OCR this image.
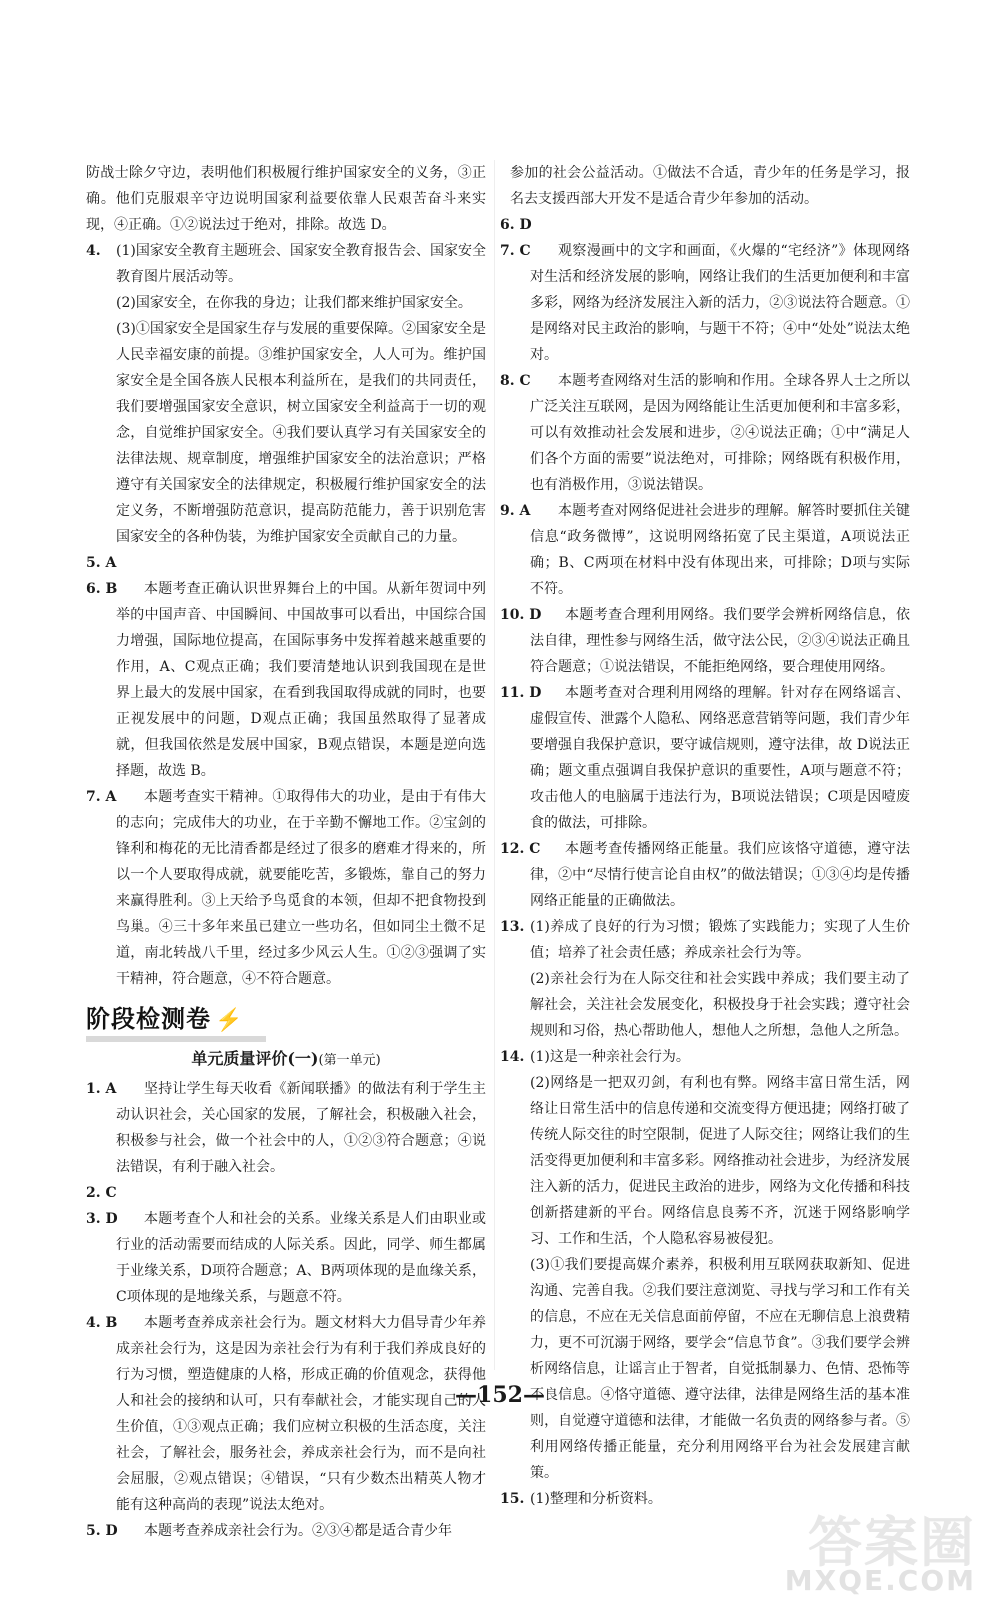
防战士除夕守边，表明他们积极履行维护国家安全的义务，③正确。他们克服艰辛守边说明国家利益要依靠人民艰苦奋斗来实现，④正确。①②说法过于绝对，排除。故选 D。

4. (1)国家安全教育主题班会、国家安全教育报告会、国家安全教育图片展活动等。

(2)国家安全，在你我的身边；让我们都来维护国家安全。

(3)①国家安全是国家生存与发展的重要保障。②国家安全是人民幸福安康的前提。③维护国家安全，人人可为。维护国家安全是全国各族人民根本利益所在，是我们的共同责任，我们要增强国家安全意识，树立国家安全利益高于一切的观念，自觉维护国家安全。④我们要认真学习有关国家安全的法律法规、规章制度，增强维护国家安全的法治意识；严格遵守有关国家安全的法律规定，积极履行维护国家安全的法定义务，不断增强防范意识，提高防范能力，善于识别危害国家安全的各种伪装，为维护国家安全贡献自己的力量。

5. A

6. B	本题考查正确认识世界舞台上的中国。从新年贺词中列举的中国声音、中国瞬间、中国故事可以看出，中国综合国力增强，国际地位提高，在国际事务中发挥着越来越重要的作用，A、C观点正确；我们要清楚地认识到我国现在是世界上最大的发展中国家，在看到我国取得成就的同时，也要正视发展中的问题，D观点正确；我国虽然取得了显著成就，但我国依然是发展中国家，B观点错误，本题是逆向选择题，故选 B。

7. A	本题考查实干精神。①取得伟大的功业，是由于有伟大的志向；完成伟大的功业，在于辛勤不懈地工作。②宝剑的锋利和梅花的无比清香都是经过了很多的磨难才得来的，所以一个人要取得成就，就要能吃苦，多锻炼，靠自己的努力来赢得胜利。③上天给予鸟觅食的本领，但却不把食物投到鸟巢。④三十多年来虽已建立一些功名，但如同尘土微不足道，南北转战八千里，经过多少风云人生。①②③强调了实干精神，符合题意，④不符合题意。

阶段检测卷 ⚡
单元质量评价(一)(第一单元)
1. A	坚持让学生每天收看《新闻联播》的做法有利于学生主动认识社会，关心国家的发展，了解社会，积极融入社会，积极参与社会，做一个社会中的人，①②③符合题意；④说法错误，有利于融入社会。

2. C

3. D	本题考查个人和社会的关系。业缘关系是人们由职业或行业的活动需要而结成的人际关系。因此，同学、师生都属于业缘关系，D项符合题意；A、B两项体现的是血缘关系，C项体现的是地缘关系，与题意不符。

4. B	本题考查养成亲社会行为。题文材料大力倡导青少年养成亲社会行为，这是因为亲社会行为有利于我们养成良好的行为习惯，塑造健康的人格，形成正确的价值观念，获得他人和社会的接纳和认可，只有奉献社会，才能实现自己的人生价值，①③观点正确；我们应树立积极的生活态度，关注社会，了解社会，服务社会，养成亲社会行为，而不是向社会屈服，②观点错误；④错误，“只有少数杰出精英人物才能有这种高尚的表现”说法太绝对。

5. D	本题考查养成亲社会行为。②③④都是适合青少年

参加的社会公益活动。①做法不合适，青少年的任务是学习，报名去支援西部大开发不是适合青少年参加的活动。

6. D

7. C	观察漫画中的文字和画面，《火爆的“宅经济”》体现网络对生活和经济发展的影响，网络让我们的生活更加便利和丰富多彩，网络为经济发展注入新的活力，②③说法符合题意。①是网络对民主政治的影响，与题干不符；④中“处处”说法太绝对。

8. C	本题考查网络对生活的影响和作用。全球各界人士之所以广泛关注互联网，是因为网络能让生活更加便利和丰富多彩，可以有效推动社会发展和进步，②④说法正确；①中“满足人们各个方面的需要”说法绝对，可排除；网络既有积极作用，也有消极作用，③说法错误。

9. A	本题考查对网络促进社会进步的理解。解答时要抓住关键信息“政务微博”，这说明网络拓宽了民主渠道，A项说法正确；B、C两项在材料中没有体现出来，可排除；D项与实际不符。

10. D	本题考查合理利用网络。我们要学会辨析网络信息，依法自律，理性参与网络生活，做守法公民，②③④说法正确且符合题意；①说法错误，不能拒绝网络，要合理使用网络。

11. D	本题考查对合理利用网络的理解。针对存在网络谣言、虚假宣传、泄露个人隐私、网络恶意营销等问题，我们青少年要增强自我保护意识，要守诚信规则，遵守法律，故 D说法正确；题文重点强调自我保护意识的重要性，A项与题意不符；攻击他人的电脑属于违法行为，B项说法错误；C项是因噎废食的做法，可排除。

12. C	本题考查传播网络正能量。我们应该恪守道德，遵守法律，②中“尽情行使言论自由权”的做法错误；①③④均是传播网络正能量的正确做法。

13. (1)养成了良好的行为习惯；锻炼了实践能力；实现了人生价值；培养了社会责任感；养成亲社会行为等。

(2)亲社会行为在人际交往和社会实践中养成；我们要主动了解社会，关注社会发展变化，积极投身于社会实践；遵守社会规则和习俗，热心帮助他人，想他人之所想，急他人之所急。

14. (1)这是一种亲社会行为。

(2)网络是一把双刃剑，有利也有弊。网络丰富日常生活，网络让日常生活中的信息传递和交流变得方便迅捷；网络打破了传统人际交往的时空限制，促进了人际交往；网络让我们的生活变得更加便利和丰富多彩。网络推动社会进步，为经济发展注入新的活力，促进民主政治的进步，网络为文化传播和科技创新搭建新的平台。网络信息良莠不齐，沉迷于网络影响学习、工作和生活，个人隐私容易被侵犯。

(3)①我们要提高媒介素养，积极利用互联网获取新知、促进沟通、完善自我。②我们要注意浏览、寻找与学习和工作有关的信息，不应在无关信息面前停留，不应在无聊信息上浪费精力，更不可沉溺于网络，要学会“信息节食”。③我们要学会辨析网络信息，让谣言止于智者，自觉抵制暴力、色情、恐怖等不良信息。④恪守道德、遵守法律，法律是网络生活的基本准则，自觉遵守道德和法律，才能做一名负责的网络参与者。⑤利用网络传播正能量，充分利用网络平台为社会发展建言献策。

15. (1)整理和分析资料。

—152—
答案圈
MXQE.COM
